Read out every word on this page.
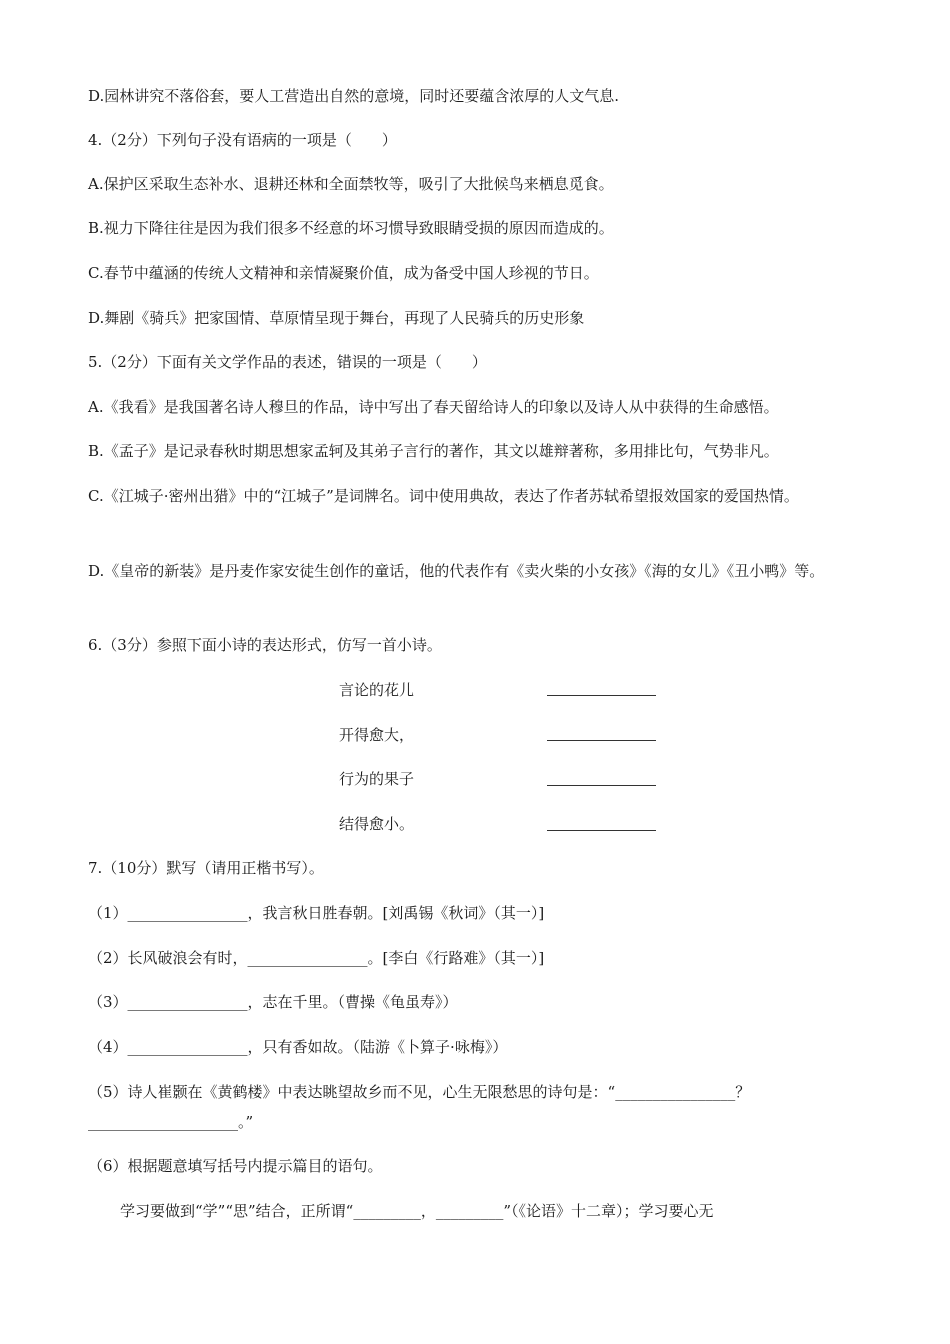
D.园林讲究不落俗套，要人工营造出自然的意境，同时还要蕴含浓厚的人文气息.
4.（2分）下列句子没有语病的一项是（　　）
A.保护区采取生态补水、退耕还林和全面禁牧等，吸引了大批候鸟来栖息觅食。
B.视力下降往往是因为我们很多不经意的坏习惯导致眼睛受损的原因而造成的。
C.春节中蕴涵的传统人文精神和亲情凝聚价值，成为备受中国人珍视的节日。
D.舞剧《骑兵》把家国情、草原情呈现于舞台，再现了人民骑兵的历史形象
5.（2分）下面有关文学作品的表述，错误的一项是（　　）
A.《我看》是我国著名诗人穆旦的作品，诗中写出了春天留给诗人的印象以及诗人从中获得的生命感悟。
B.《孟子》是记录春秋时期思想家孟轲及其弟子言行的著作，其文以雄辩著称，多用排比句，气势非凡。
C.《江城子·密州出猎》中的“江城子”是词牌名。词中使用典故，表达了作者苏轼希望报效国家的爱国热情。
D.《皇帝的新装》是丹麦作家安徒生创作的童话，他的代表作有《卖火柴的小女孩》《海的女儿》《丑小鸭》等。
6.（3分）参照下面小诗的表达形式，仿写一首小诗。
言论的花儿
开得愈大，
行为的果子
结得愈小。
7.（10分）默写（请用正楷书写）。
（1）________________，我言秋日胜春朝。[刘禹锡《秋词》（其一）]
（2）长风破浪会有时，________________。[李白《行路难》（其一）]
（3）________________，志在千里。（曹操《龟虽寿》）
（4）________________，只有香如故。（陆游《卜算子·咏梅》）
（5）诗人崔颢在《黄鹤楼》中表达眺望故乡而不见，心生无限愁思的诗句是：“________________？____________________。”
（6）根据题意填写括号内提示篇目的语句。
学习要做到“学”“思”结合，正所谓“_________，_________”（《论语》十二章）；学习要心无
